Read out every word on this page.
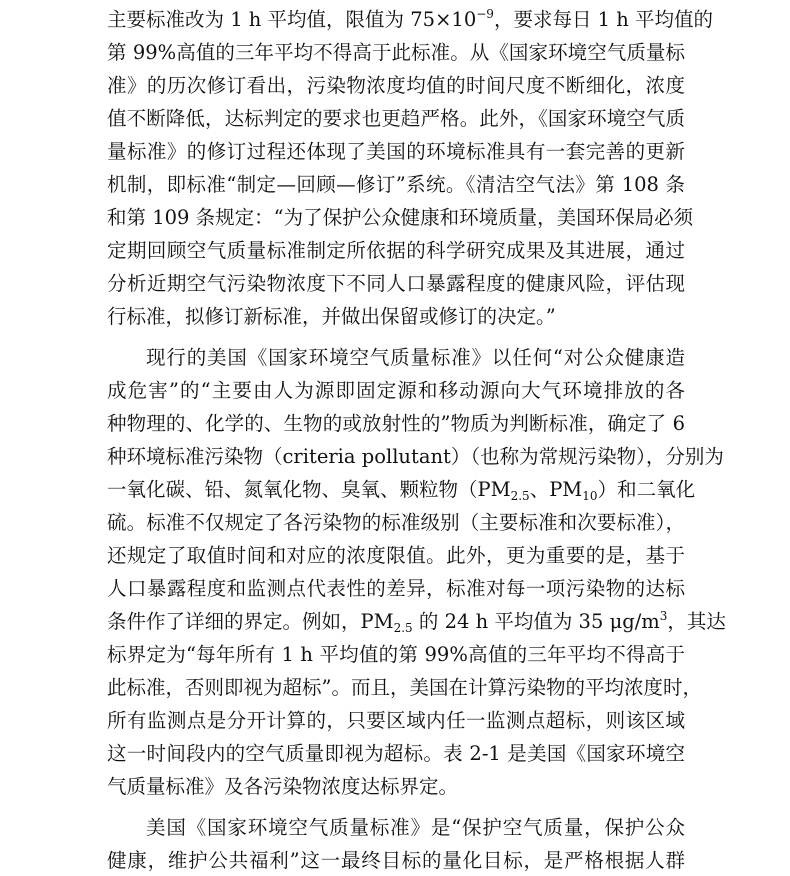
主要标准改为 1 h 平均值，限值为 $75\times 10^{-9}$，要求每日 1 h 平均值的
第 99%高值的三年平均不得高于此标准。从《国家环境空气质量标
准》的历次修订看出，污染物浓度均值的时间尺度不断细化，浓度
值不断降低，达标判定的要求也更趋严格。此外，《国家环境空气质
量标准》的修订过程还体现了美国的环境标准具有一套完善的更新
机制，即标准“制定—回顾—修订”系统。《清洁空气法》第 108 条
和第 109 条规定：“为了保护公众健康和环境质量，美国环保局必须
定期回顾空气质量标准制定所依据的科学研究成果及其进展，通过
分析近期空气污染物浓度下不同人口暴露程度的健康风险，评估现
行标准，拟修订新标准，并做出保留或修订的决定。”
现行的美国《国家环境空气质量标准》以任何“对公众健康造
成危害”的“主要由人为源即固定源和移动源向大气环境排放的各
种物理的、化学的、生物的或放射性的”物质为判断标准，确定了 6
种环境标准污染物（criteria pollutant）（也称为常规污染物），分别为
一氧化碳、铅、氮氧化物、臭氧、颗粒物（$PM_{2.5}$、$PM_{10}$）和二氧化
硫。标准不仅规定了各污染物的标准级别（主要标准和次要标准），
还规定了取值时间和对应的浓度限值。此外，更为重要的是，基于
人口暴露程度和监测点代表性的差异，标准对每一项污染物的达标
条件作了详细的界定。例如，$PM_{2.5}$ 的 24 h 平均值为 35 $\mu g/m^3$，其达
标界定为“每年所有 1 h 平均值的第 99%高值的三年平均不得高于
此标准，否则即视为超标”。而且，美国在计算污染物的平均浓度时，
所有监测点是分开计算的，只要区域内任一监测点超标，则该区域
这一时间段内的空气质量即视为超标。表 2-1 是美国《国家环境空
气质量标准》及各污染物浓度达标界定。
美国《国家环境空气质量标准》是“保护空气质量，保护公众
健康，维护公共福利”这一最终目标的量化目标，是严格根据人群
